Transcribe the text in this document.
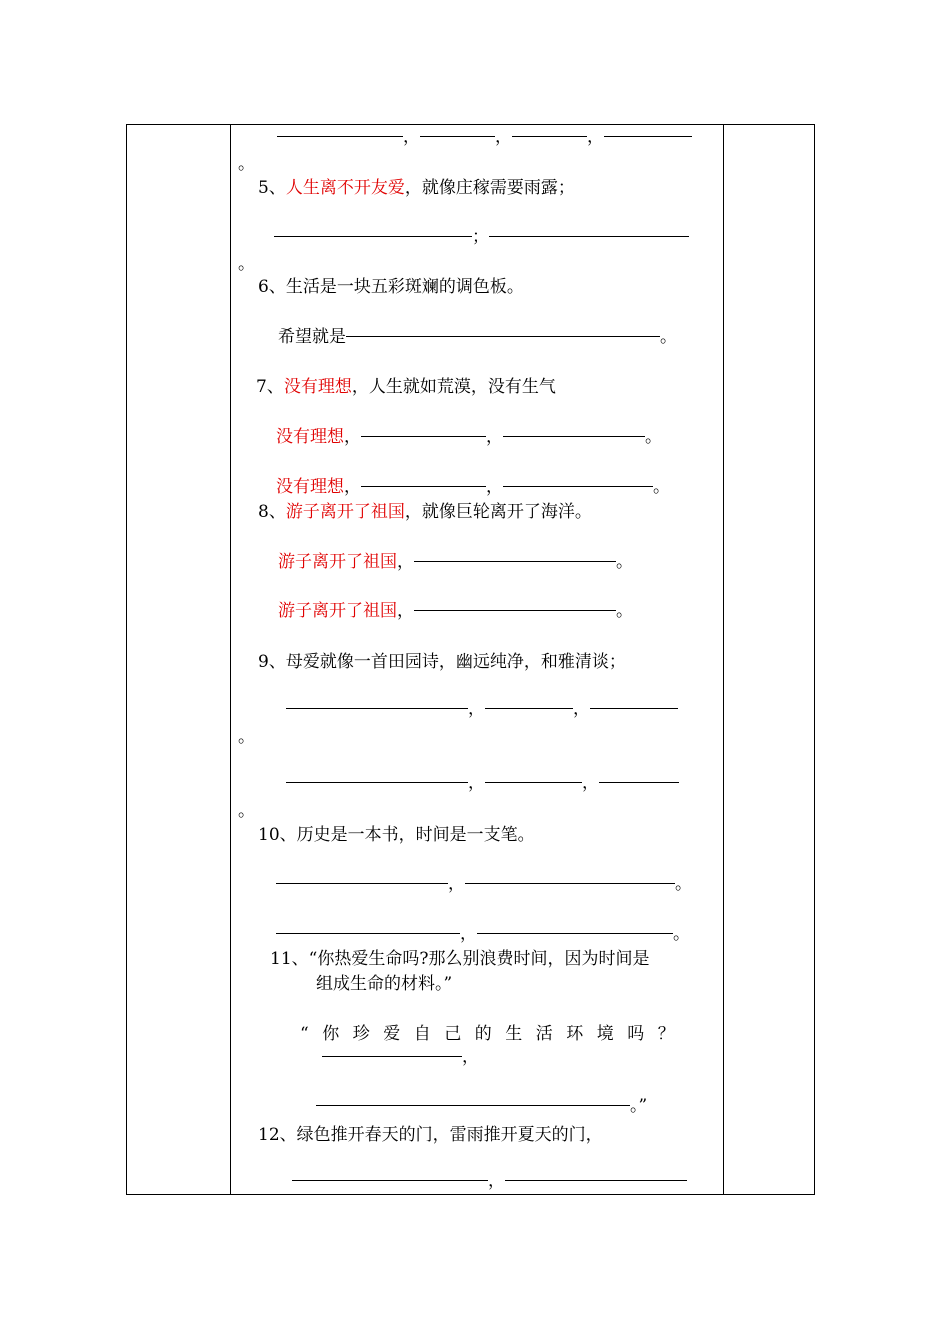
，	，	，
。
5、人生离不开友爱，就像庄稼需要雨露；
；
。
6、生活是一块五彩斑斓的调色板。
希望就是	。
7、没有理想，人生就如荒漠，没有生气
没有理想，	，	。
没有理想，	，	。
8、游子离开了祖国，就像巨轮离开了海洋。
游子离开了祖国，	。
游子离开了祖国，	。
9、母爱就像一首田园诗，幽远纯净，和雅清谈；
，	，
。
，	，
。
10、历史是一本书，时间是一支笔。
，	。
，	。
11、“你热爱生命吗?那么别浪费时间，因为时间是
组成生命的材料。”
“你珍爱自己的生活环境吗？
，
。”
12、绿色推开春天的门，雷雨推开夏天的门，
，
